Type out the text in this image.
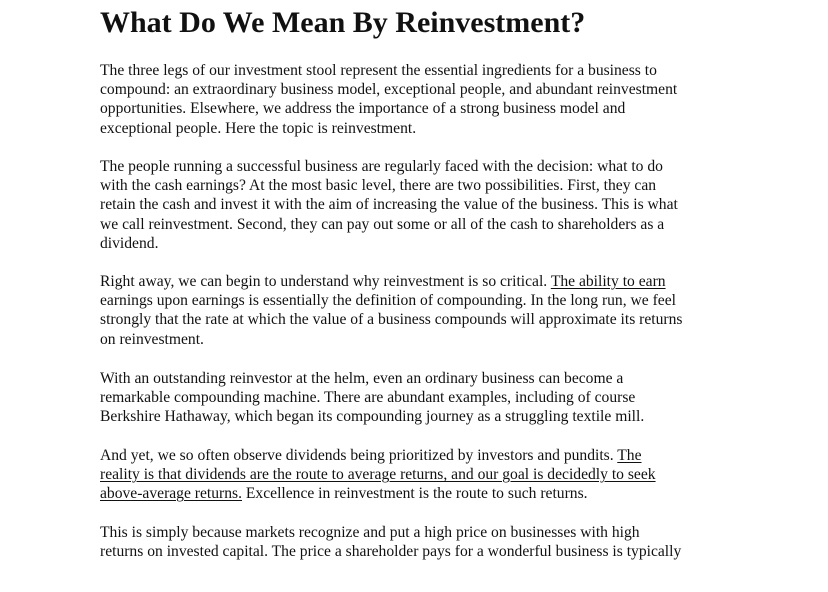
What Do We Mean By Reinvestment?

The three legs of our investment stool represent the essential ingredients for a business to
compound: an extraordinary business model, exceptional people, and abundant reinvestment
opportunities. Elsewhere, we address the importance of a strong business model and
exceptional people. Here the topic is reinvestment.

The people running a successful business are regularly faced with the decision: what to do
with the cash earnings? At the most basic level, there are two possibilities. First, they can
retain the cash and invest it with the aim of increasing the value of the business. This is what
we call reinvestment. Second, they can pay out some or all of the cash to shareholders as a
dividend.

Right away, we can begin to understand why reinvestment is so critical. The ability to earn
earnings upon earnings is essentially the definition of compounding. In the long run, we feel
strongly that the rate at which the value of a business compounds will approximate its returns
on reinvestment.

With an outstanding reinvestor at the helm, even an ordinary business can become a
remarkable compounding machine. There are abundant examples, including of course
Berkshire Hathaway, which began its compounding journey as a struggling textile mill.

And yet, we so often observe dividends being prioritized by investors and pundits. The
reality is that dividends are the route to average returns, and our goal is decidedly to seek
above-average returns. Excellence in reinvestment is the route to such returns.

This is simply because markets recognize and put a high price on businesses with high
returns on invested capital. The price a shareholder pays for a wonderful business is typically
